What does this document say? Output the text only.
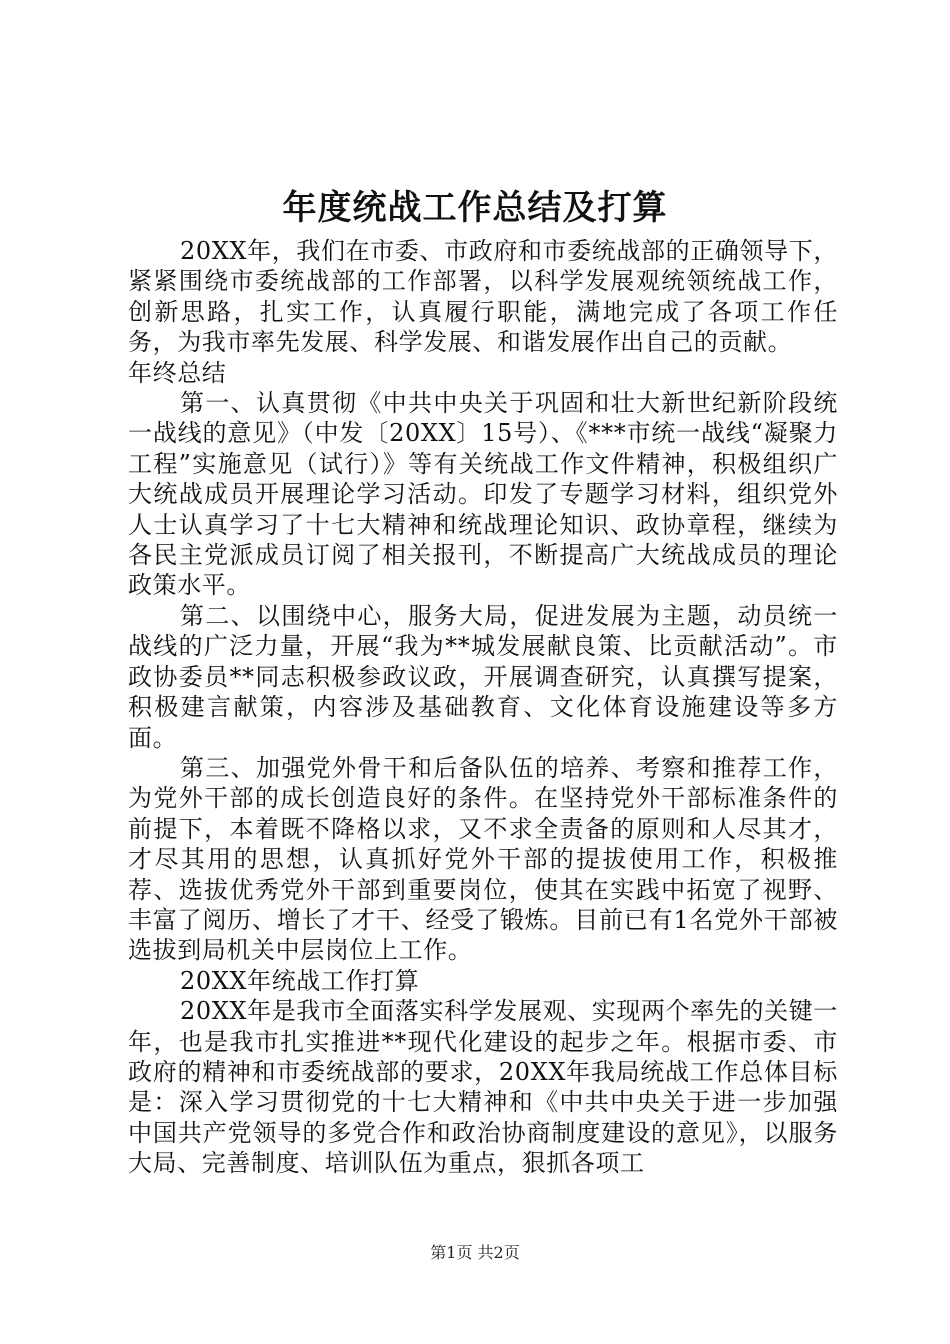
年度统战工作总结及打算

20XX年，我们在市委、市政府和市委统战部的正确领导下，紧紧围绕市委统战部的工作部署，以科学发展观统领统战工作，创新思路，扎实工作，认真履行职能，满地完成了各项工作任务，为我市率先发展、科学发展、和谐发展作出自己的贡献。

年终总结

第一、认真贯彻《中共中央关于巩固和壮大新世纪新阶段统一战线的意见》（中发〔20XX〕15号）、《***市统一战线“凝聚力工程”实施意见（试行）》等有关统战工作文件精神，积极组织广大统战成员开展理论学习活动。印发了专题学习材料，组织党外人士认真学习了十七大精神和统战理论知识、政协章程，继续为各民主党派成员订阅了相关报刊，不断提高广大统战成员的理论政策水平。

第二、以围绕中心，服务大局，促进发展为主题，动员统一战线的广泛力量，开展“我为**城发展献良策、比贡献活动”。市政协委员**同志积极参政议政，开展调查研究，认真撰写提案，积极建言献策，内容涉及基础教育、文化体育设施建设等多方面。

第三、加强党外骨干和后备队伍的培养、考察和推荐工作，为党外干部的成长创造良好的条件。在坚持党外干部标准条件的前提下，本着既不降格以求，又不求全责备的原则和人尽其才，才尽其用的思想，认真抓好党外干部的提拔使用工作，积极推荐、选拔优秀党外干部到重要岗位，使其在实践中拓宽了视野、丰富了阅历、增长了才干、经受了锻炼。目前已有1名党外干部被选拔到局机关中层岗位上工作。

20XX年统战工作打算

20XX年是我市全面落实科学发展观、实现两个率先的关键一年，也是我市扎实推进**现代化建设的起步之年。根据市委、市政府的精神和市委统战部的要求，20XX年我局统战工作总体目标是：深入学习贯彻党的十七大精神和《中共中央关于进一步加强中国共产党领导的多党合作和政治协商制度建设的意见》，以服务大局、完善制度、培训队伍为重点，狠抓各项工

第1页 共2页
